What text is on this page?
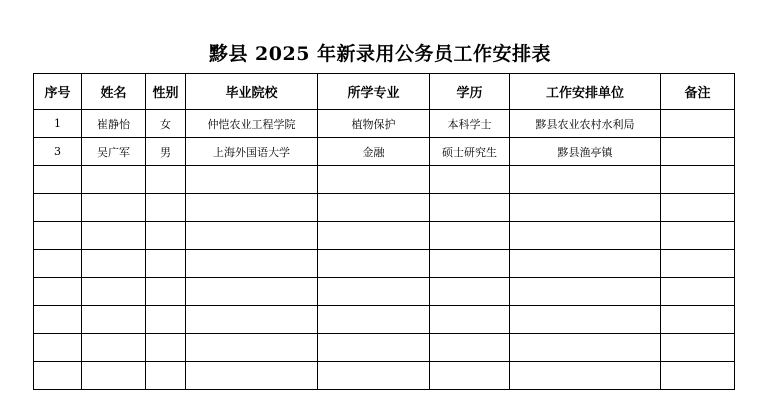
黟县 2025 年新录用公务员工作安排表
序号	姓名	性别	毕业院校	所学专业	学历	工作安排单位	备注
1	崔静怡	女	仲恺农业工程学院	植物保护	本科学士	黟县农业农村水利局	
3	吴广军	男	上海外国语大学	金融	硕士研究生	黟县渔亭镇	
